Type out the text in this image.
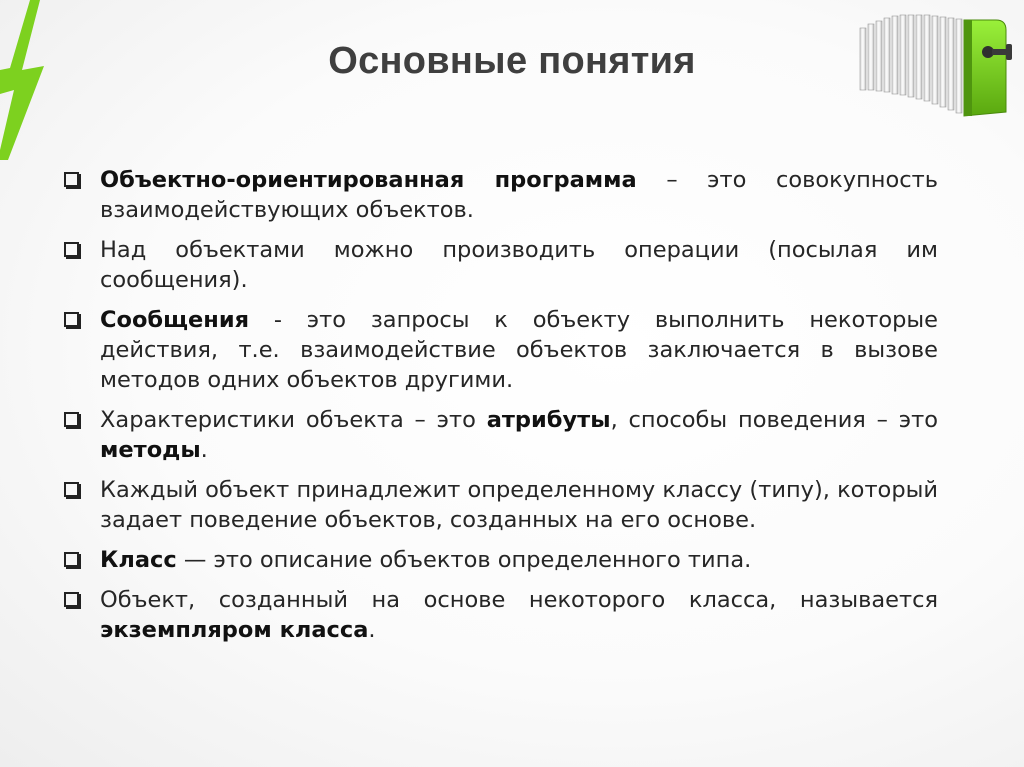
Основные понятия
Объектно-ориентированная программа – это совокупность взаимодействующих объектов.
Над объектами можно производить операции (посылая им сообщения).
Сообщения - это запросы к объекту выполнить некоторые действия, т.е. взаимодействие объектов заключается в вызове методов одних объектов другими.
Характеристики объекта – это атрибуты, способы поведения – это методы.
Каждый объект принадлежит определенному классу (типу), который задает поведение объектов, созданных на его основе.
Класс — это описание объектов определенного типа.
Объект, созданный на основе некоторого класса, называется экземпляром класса.
